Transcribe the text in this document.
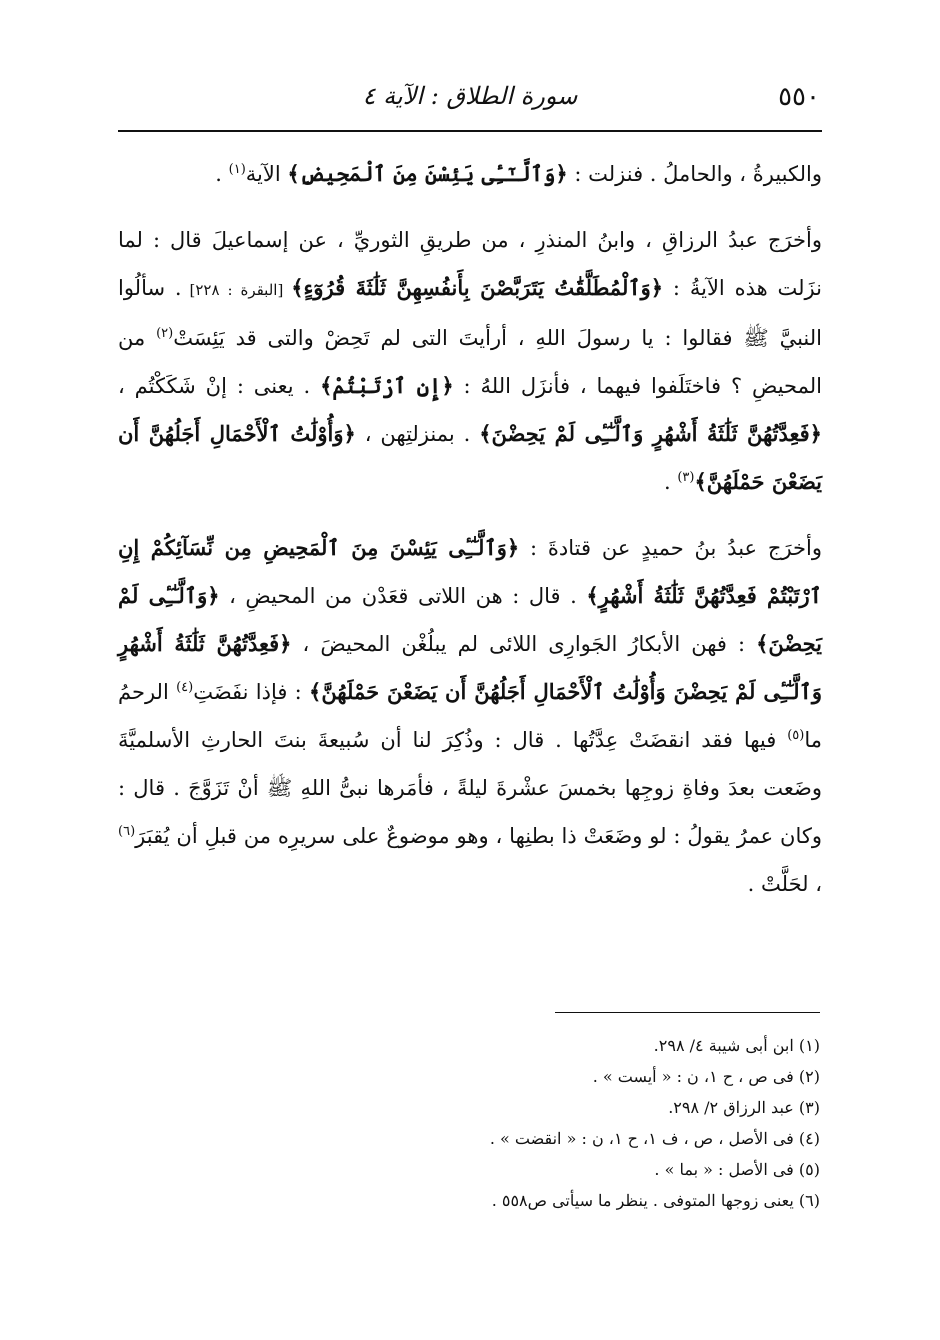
٥٥٠
سورة الطلاق : الآية ٤

والكبيرةُ ، والحاملُ . فنزلت : ﴿وَٱلَّـٰٓـِٔى يَئِسْنَ مِنَ ٱلْمَحِيضِ﴾ الآية$^{(١)}$ .

وأخرَج عبدُ الرزاقِ ، وابنُ المنذرِ ، من طريقِ الثوريِّ ، عن إسماعيلَ قال : لما نزَلت هذه الآيةُ : ﴿وَٱلْمُطَلَّقَٰتُ يَتَرَبَّصْنَ بِأَنفُسِهِنَّ ثَلَٰثَةَ قُرُوٓءٍ﴾ [البقرة : ٢٢٨] . سألُوا النبيَّ ﷺ فقالوا : يا رسولَ اللهِ ، أرأيتَ التى لم تَحِضْ والتى قد يَئِسَتْ$^{(٢)}$ من المحيضِ ؟ فاختَلَفوا فيهما ، فأنزَل اللهُ : ﴿إِنِ ٱرْتَبْتُمْ﴾ . يعنى : إنْ شَكَكْتُم ، ﴿فَعِدَّتُهُنَّ ثَلَٰثَةُ أَشْهُرٍ وَٱلَّـٰٓـِٔى لَمْ يَحِضْنَ﴾ . بمنزلتِهن ، ﴿وَأُوْلَٰتُ ٱلْأَحْمَالِ أَجَلُهُنَّ أَن يَضَعْنَ حَمْلَهُنَّ﴾$^{(٣)}$ .

وأخرَج عبدُ بنُ حميدٍ عن قتادةَ : ﴿وَٱلَّـٰٓـِٔى يَئِسْنَ مِنَ ٱلْمَحِيضِ مِن نِّسَآئِكُمْ إِنِ ٱرْتَبْتُمْ فَعِدَّتُهُنَّ ثَلَٰثَةُ أَشْهُرٍ﴾ . قال : هن اللاتى قعَدْن من المحيضِ ، ﴿وَٱلَّـٰٓـِٔى لَمْ يَحِضْنَ﴾ : فهن الأبكارُ الجَوارِى اللائى لم يبلُغْن المحيضَ ، ﴿فَعِدَّتُهُنَّ ثَلَٰثَةُ أَشْهُرٍ وَٱلَّـٰٓـِٔى لَمْ يَحِضْنَ وَأُوْلَٰتُ ٱلْأَحْمَالِ أَجَلُهُنَّ أَن يَضَعْنَ حَمْلَهُنَّ﴾ : فإذا نفَضَتِ$^{(٤)}$ الرحمُ ما$^{(٥)}$ فيها فقد انقضَتْ عِدَّتُها . قال : وذُكِرَ لنا أن سُبيعةَ بنتَ الحارثِ الأسلميَّةَ وضَعت بعدَ وفاةِ زوجِها بخمسَ عشْرةَ ليلةً ، فأمَرها نبىُّ اللهِ ﷺ أنْ تَزَوَّجَ . قال : وكان عمرُ يقولُ : لو وضَعَتْ ذا بطنِها ، وهو موضوعٌ على سريرِه من قبلِ أن يُقبَرَ$^{(٦)}$ ، لحَلَّتْ .

(١) ابن أبى شيبة ٤/ ٢٩٨.

(٢) فى ص ، ح ١، ن : « أيست » .

(٣) عبد الرزاق ٢/ ٢٩٨.

(٤) فى الأصل ، ص ، ف ١، ح ١، ن : « انقضت » .

(٥) فى الأصل : « بما » .

(٦) يعنى زوجها المتوفى . ينظر ما سيأتى ص٥٥٨ .
